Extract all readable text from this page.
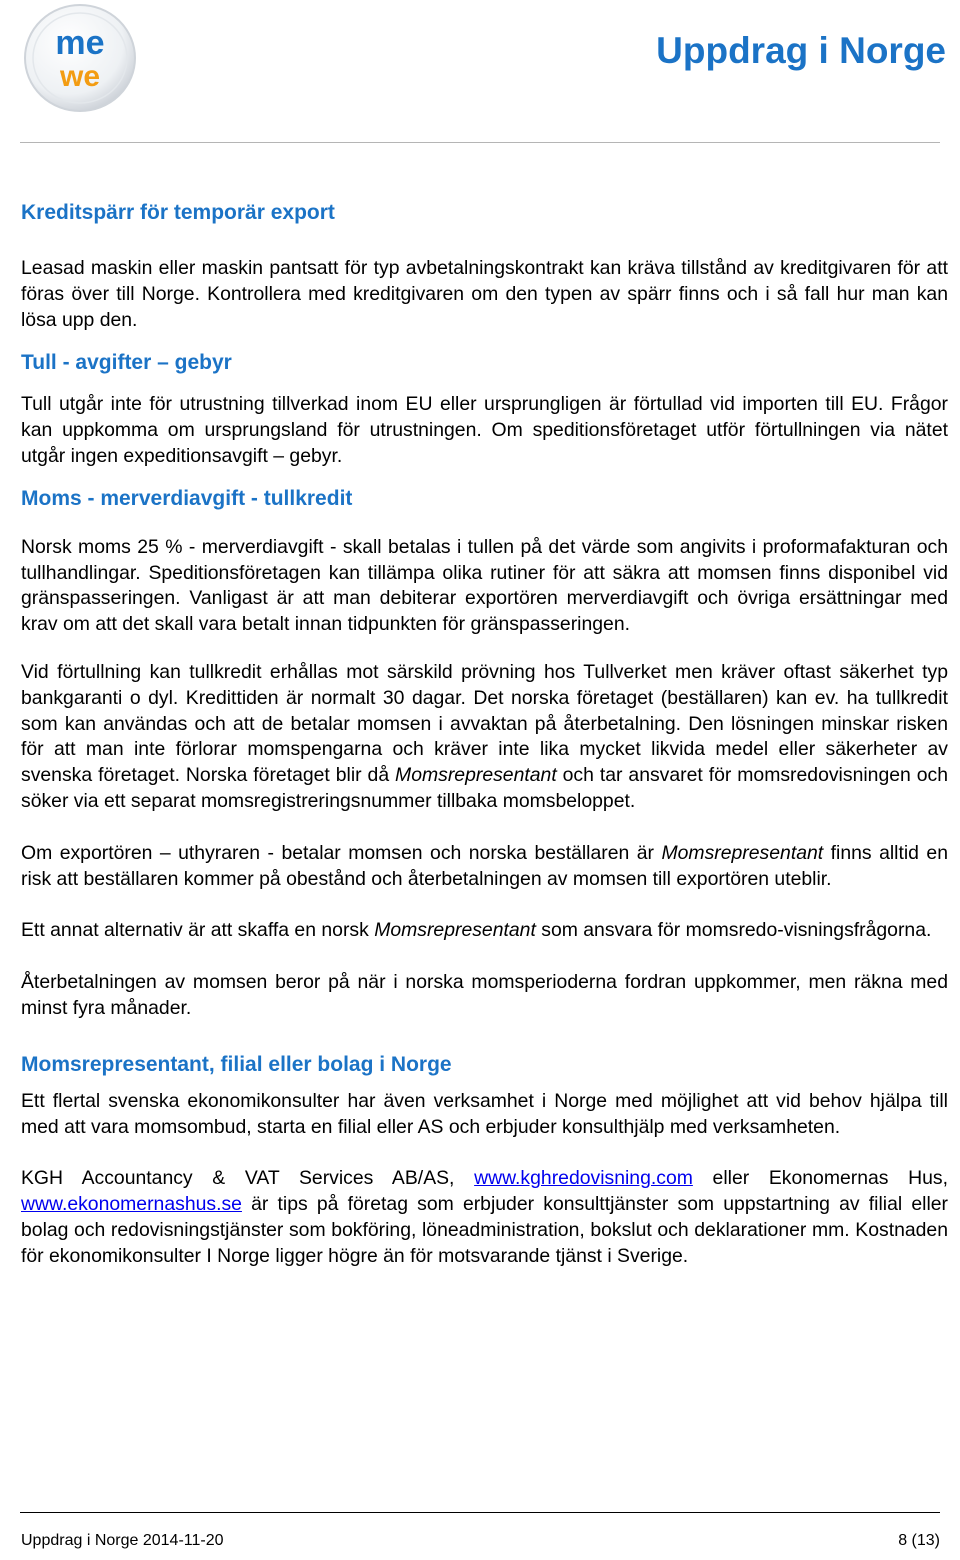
me
we
Uppdrag i Norge
Kreditspärr för temporär export

Leasad maskin eller maskin pantsatt för typ avbetalningskontrakt kan kräva tillstånd av kreditgivaren för att föras över till Norge. Kontrollera med kreditgivaren om den typen av spärr finns och i så fall hur man kan lösa upp den.

Tull - avgifter – gebyr

Tull utgår inte för utrustning tillverkad inom EU eller ursprungligen är förtullad vid importen till EU. Frågor kan uppkomma om ursprungsland för utrustningen. Om speditionsföretaget utför förtullningen via nätet utgår ingen expeditionsavgift – gebyr.

Moms - merverdiavgift - tullkredit

Norsk moms 25 % - merverdiavgift - skall betalas i tullen på det värde som angivits i proformafakturan och tullhandlingar. Speditionsföretagen kan tillämpa olika rutiner för att säkra att momsen finns disponibel vid gränspasseringen. Vanligast är att man debiterar exportören merverdiavgift och övriga ersättningar med krav om att det skall vara betalt innan tidpunkten för gränspasseringen.

Vid förtullning kan tullkredit erhållas mot särskild prövning hos Tullverket men kräver oftast säkerhet typ bankgaranti o dyl. Kredittiden är normalt 30 dagar. Det norska företaget (beställaren) kan ev. ha tullkredit som kan användas och att de betalar momsen i avvaktan på återbetalning. Den lösningen minskar risken för att man inte förlorar momspengarna och kräver inte lika mycket likvida medel eller säkerheter av svenska företaget. Norska företaget blir då Momsrepresentant och tar ansvaret för momsredovisningen och söker via ett separat momsregistreringsnummer tillbaka momsbeloppet.

Om exportören – uthyraren - betalar momsen och norska beställaren är Momsrepresentant finns alltid en risk att beställaren kommer på obestånd och återbetalningen av momsen till exportören uteblir.

Ett annat alternativ är att skaffa en norsk Momsrepresentant som ansvara för momsredo-visningsfrågorna.

Återbetalningen av momsen beror på när i norska momsperioderna fordran uppkommer, men räkna med minst fyra månader.

Momsrepresentant, filial eller bolag i Norge

Ett flertal svenska ekonomikonsulter har även verksamhet i Norge med möjlighet att vid behov hjälpa till med att vara momsombud, starta en filial eller AS och erbjuder konsulthjälp med verksamheten.

KGH Accountancy & VAT Services AB/AS, www.kghredovisning.com eller Ekonomernas Hus, www.ekonomernashus.se är tips på företag som erbjuder konsulttjänster som uppstartning av filial eller bolag och redovisningstjänster som bokföring, löneadministration, bokslut och deklarationer mm. Kostnaden för ekonomikonsulter I Norge ligger högre än för motsvarande tjänst i Sverige.

Uppdrag i Norge 2014-11-20	8 (13)
